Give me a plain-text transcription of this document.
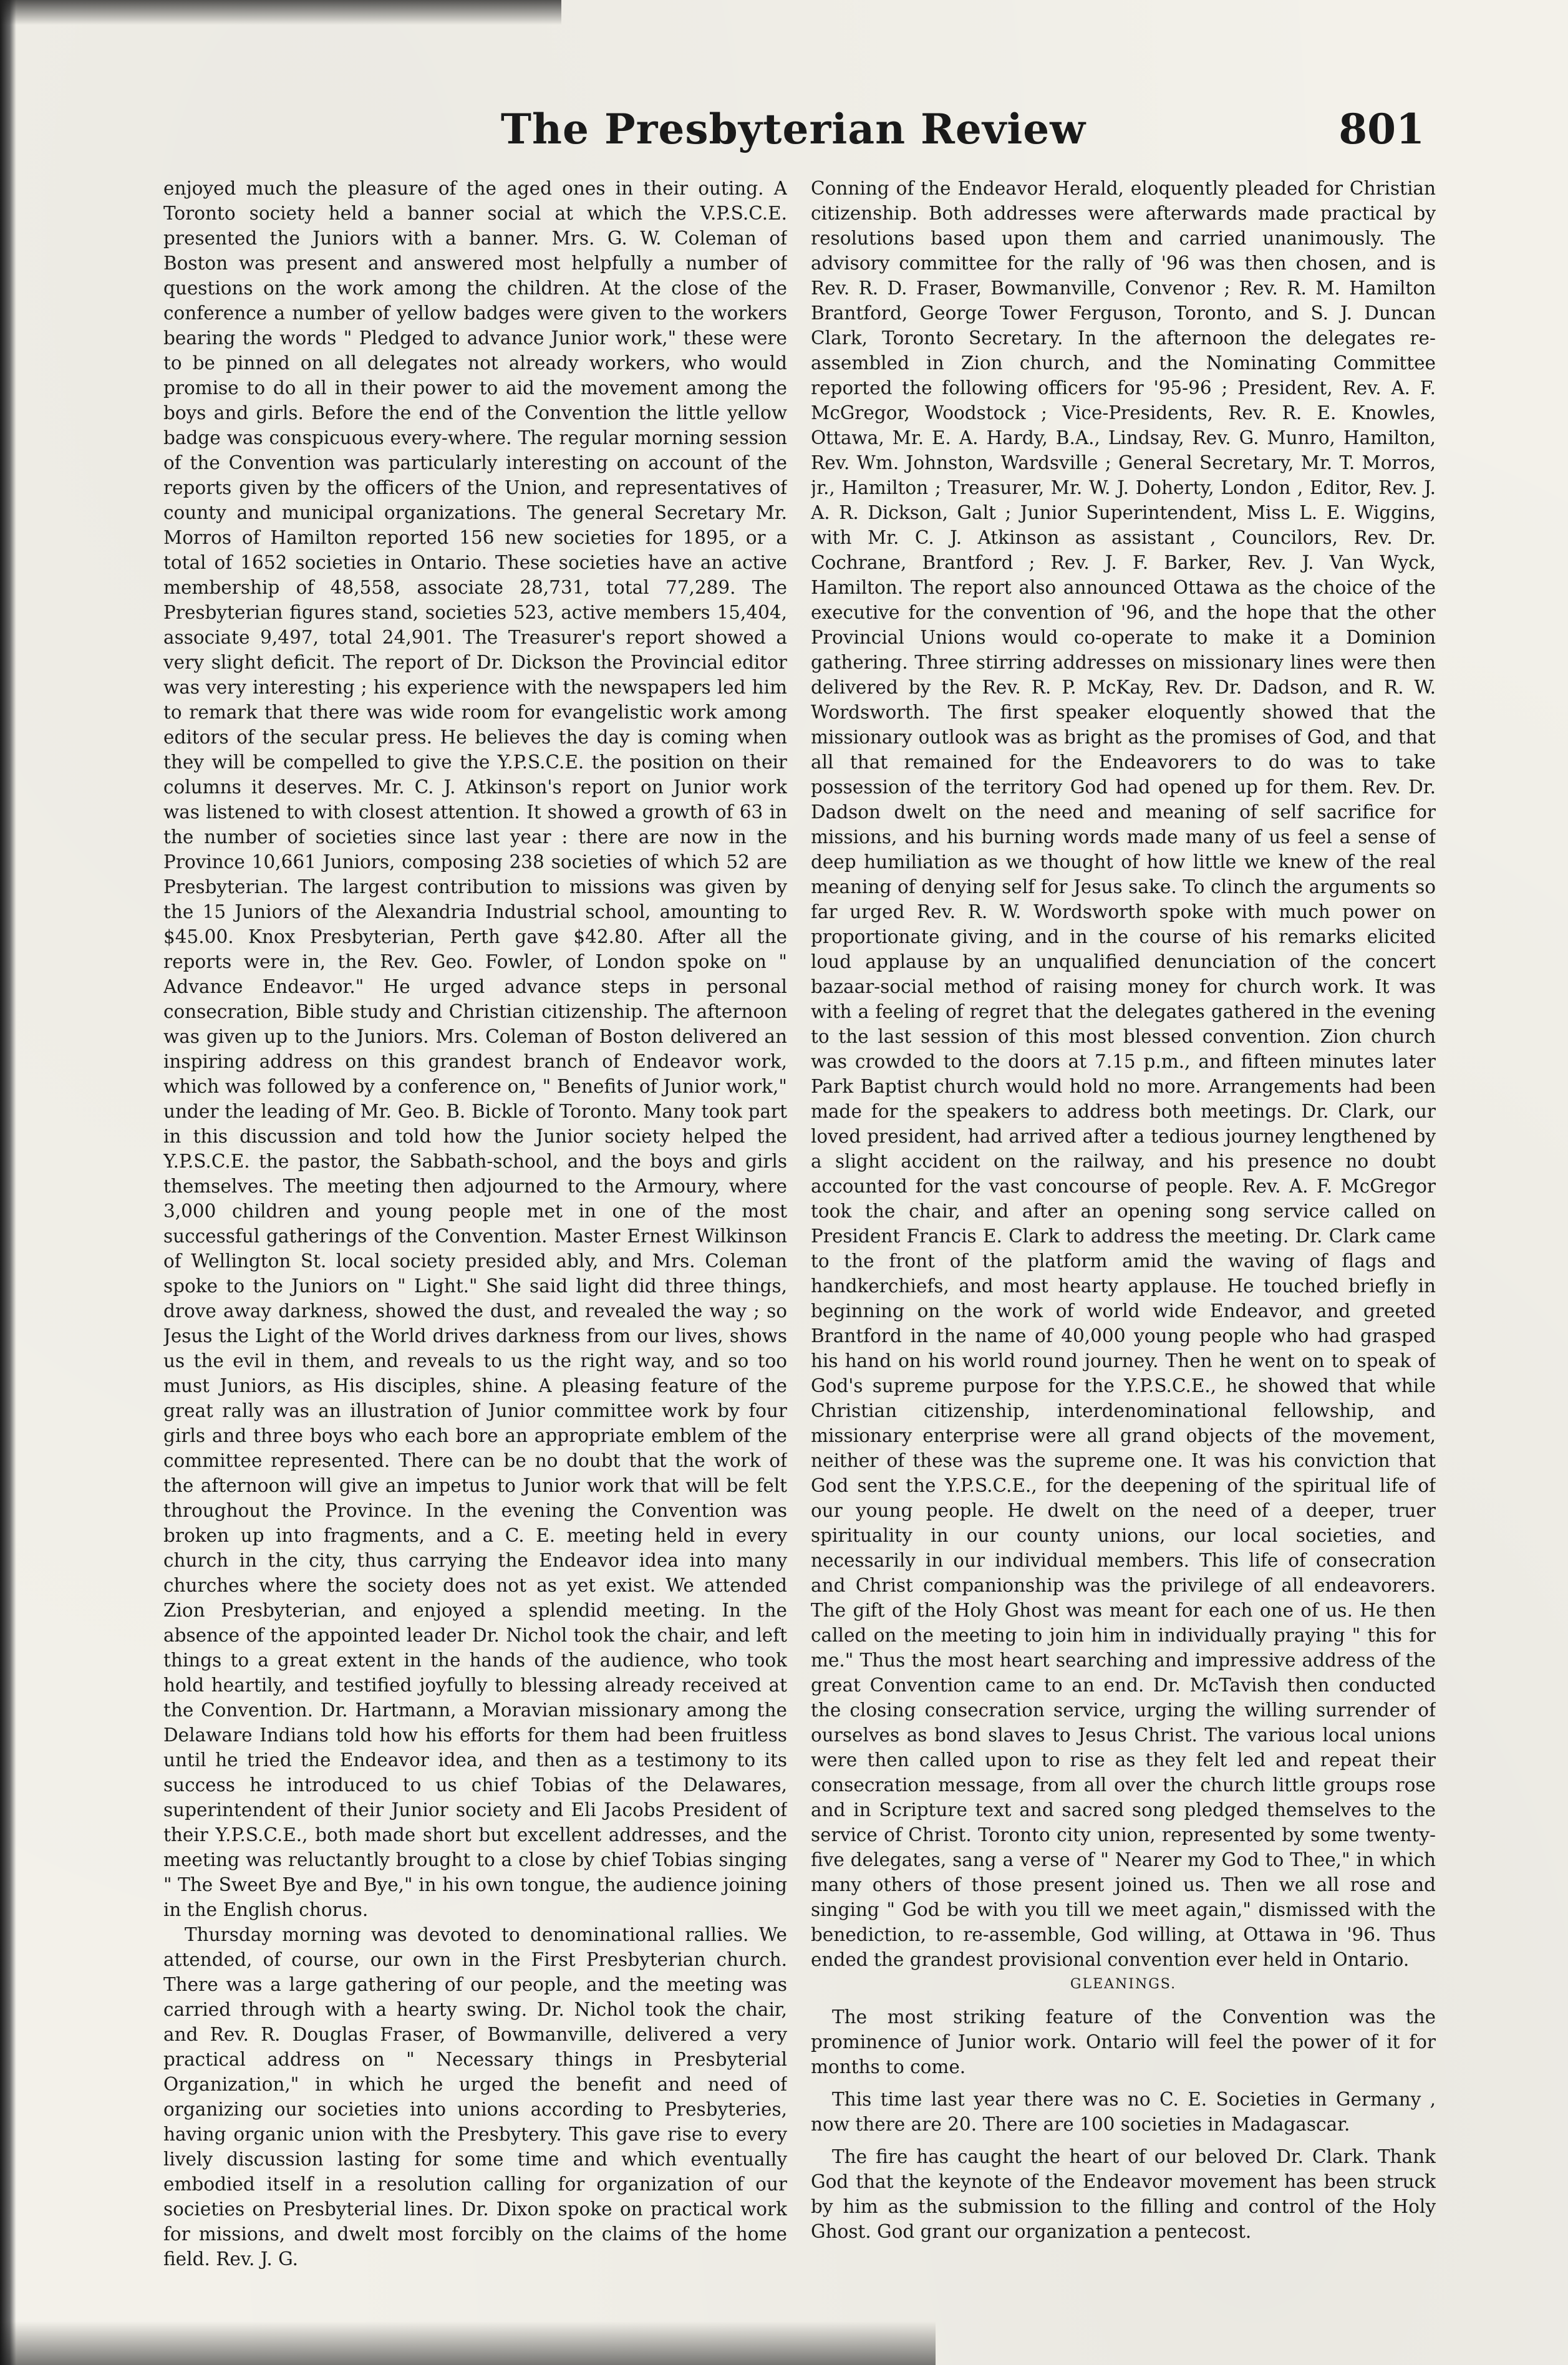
The Presbyterian Review	801

enjoyed much the pleasure of the aged ones in their outing. A Toronto society held a banner social at which the V.P.S.C.E. presented the Juniors with a banner. Mrs. G. W. Coleman of Boston was present and answered most helpfully a number of questions on the work among the children. At the close of the conference a number of yellow badges were given to the workers bearing the words " Pledged to advance Junior work," these were to be pinned on all delegates not already workers, who would promise to do all in their power to aid the movement among the boys and girls. Before the end of the Convention the little yellow badge was conspicuous every-where. The regular morning session of the Convention was particularly interesting on account of the reports given by the officers of the Union, and representatives of county and municipal organizations. The general Secretary Mr. Morros of Hamilton reported 156 new societies for 1895, or a total of 1652 societies in Ontario. These societies have an active membership of 48,558, associate 28,731, total 77,289. The Presbyterian figures stand, societies 523, active members 15,404, associate 9,497, total 24,901. The Treasurer's report showed a very slight deficit. The report of Dr. Dickson the Provincial editor was very interesting ; his experience with the newspapers led him to remark that there was wide room for evangelistic work among editors of the secular press. He believes the day is coming when they will be compelled to give the Y.P.S.C.E. the position on their columns it deserves. Mr. C. J. Atkinson's report on Junior work was listened to with closest attention. It showed a growth of 63 in the number of societies since last year : there are now in the Province 10,661 Juniors, composing 238 societies of which 52 are Presbyterian. The largest contribution to missions was given by the 15 Juniors of the Alexandria Industrial school, amounting to $45.00. Knox Presbyterian, Perth gave $42.80. After all the reports were in, the Rev. Geo. Fowler, of London spoke on " Advance Endeavor." He urged advance steps in personal consecration, Bible study and Christian citizenship. The afternoon was given up to the Juniors. Mrs. Coleman of Boston delivered an inspiring address on this grandest branch of Endeavor work, which was followed by a conference on, " Benefits of Junior work," under the leading of Mr. Geo. B. Bickle of Toronto. Many took part in this discussion and told how the Junior society helped the Y.P.S.C.E. the pastor, the Sabbath-school, and the boys and girls themselves. The meeting then adjourned to the Armoury, where 3,000 children and young people met in one of the most successful gatherings of the Convention. Master Ernest Wilkinson of Wellington St. local society presided ably, and Mrs. Coleman spoke to the Juniors on " Light." She said light did three things, drove away darkness, showed the dust, and revealed the way ; so Jesus the Light of the World drives darkness from our lives, shows us the evil in them, and reveals to us the right way, and so too must Juniors, as His disciples, shine. A pleasing feature of the great rally was an illustration of Junior committee work by four girls and three boys who each bore an appropriate emblem of the committee represented. There can be no doubt that the work of the afternoon will give an impetus to Junior work that will be felt throughout the Province. In the evening the Convention was broken up into fragments, and a C. E. meeting held in every church in the city, thus carrying the Endeavor idea into many churches where the society does not as yet exist. We attended Zion Presbyterian, and enjoyed a splendid meeting. In the absence of the appointed leader Dr. Nichol took the chair, and left things to a great extent in the hands of the audience, who took hold heartily, and testified joyfully to blessing already received at the Convention. Dr. Hartmann, a Moravian missionary among the Delaware Indians told how his efforts for them had been fruitless until he tried the Endeavor idea, and then as a testimony to its success he introduced to us chief Tobias of the Delawares, superintendent of their Junior society and Eli Jacobs President of their Y.P.S.C.E., both made short but excellent addresses, and the meeting was reluctantly brought to a close by chief Tobias singing " The Sweet Bye and Bye," in his own tongue, the audience joining in the English chorus.

Thursday morning was devoted to denominational rallies. We attended, of course, our own in the First Presbyterian church. There was a large gathering of our people, and the meeting was carried through with a hearty swing. Dr. Nichol took the chair, and Rev. R. Douglas Fraser, of Bowmanville, delivered a very practical address on " Necessary things in Presbyterial Organization," in which he urged the benefit and need of organizing our societies into unions according to Presbyteries, having organic union with the Presbytery. This gave rise to every lively discussion lasting for some time and which eventually embodied itself in a resolution calling for organization of our societies on Presbyterial lines. Dr. Dixon spoke on practical work for missions, and dwelt most forcibly on the claims of the home field. Rev. J. G.

Conning of the Endeavor Herald, eloquently pleaded for Christian citizenship. Both addresses were afterwards made practical by resolutions based upon them and carried unanimously. The advisory committee for the rally of '96 was then chosen, and is Rev. R. D. Fraser, Bowmanville, Convenor ; Rev. R. M. Hamilton Brantford, George Tower Ferguson, Toronto, and S. J. Duncan Clark, Toronto Secretary. In the afternoon the delegates re-assembled in Zion church, and the Nominating Committee reported the following officers for '95-96 ; President, Rev. A. F. McGregor, Woodstock ; Vice-Presidents, Rev. R. E. Knowles, Ottawa, Mr. E. A. Hardy, B.A., Lindsay, Rev. G. Munro, Hamilton, Rev. Wm. Johnston, Wardsville ; General Secretary, Mr. T. Morros, jr., Hamilton ; Treasurer, Mr. W. J. Doherty, London , Editor, Rev. J. A. R. Dickson, Galt ; Junior Superintendent, Miss L. E. Wiggins, with Mr. C. J. Atkinson as assistant , Councilors, Rev. Dr. Cochrane, Brantford ; Rev. J. F. Barker, Rev. J. Van Wyck, Hamilton. The report also announced Ottawa as the choice of the executive for the convention of '96, and the hope that the other Provincial Unions would co-operate to make it a Dominion gathering. Three stirring addresses on missionary lines were then delivered by the Rev. R. P. McKay, Rev. Dr. Dadson, and R. W. Wordsworth. The first speaker eloquently showed that the missionary outlook was as bright as the promises of God, and that all that remained for the Endeavorers to do was to take possession of the territory God had opened up for them. Rev. Dr. Dadson dwelt on the need and meaning of self sacrifice for missions, and his burning words made many of us feel a sense of deep humiliation as we thought of how little we knew of the real meaning of denying self for Jesus sake. To clinch the arguments so far urged Rev. R. W. Wordsworth spoke with much power on proportionate giving, and in the course of his remarks elicited loud applause by an unqualified denunciation of the concert bazaar-social method of raising money for church work. It was with a feeling of regret that the delegates gathered in the evening to the last session of this most blessed convention. Zion church was crowded to the doors at 7.15 p.m., and fifteen minutes later Park Baptist church would hold no more. Arrangements had been made for the speakers to address both meetings. Dr. Clark, our loved president, had arrived after a tedious journey lengthened by a slight accident on the railway, and his presence no doubt accounted for the vast concourse of people. Rev. A. F. McGregor took the chair, and after an opening song service called on President Francis E. Clark to address the meeting. Dr. Clark came to the front of the platform amid the waving of flags and handkerchiefs, and most hearty applause. He touched briefly in beginning on the work of world wide Endeavor, and greeted Brantford in the name of 40,000 young people who had grasped his hand on his world round journey. Then he went on to speak of God's supreme purpose for the Y.P.S.C.E., he showed that while Christian citizenship, interdenominational fellowship, and missionary enterprise were all grand objects of the movement, neither of these was the supreme one. It was his conviction that God sent the Y.P.S.C.E., for the deepening of the spiritual life of our young people. He dwelt on the need of a deeper, truer spirituality in our county unions, our local societies, and necessarily in our individual members. This life of consecration and Christ companionship was the privilege of all endeavorers. The gift of the Holy Ghost was meant for each one of us. He then called on the meeting to join him in individually praying " this for me." Thus the most heart searching and impressive address of the great Convention came to an end. Dr. McTavish then conducted the closing consecration service, urging the willing surrender of ourselves as bond slaves to Jesus Christ. The various local unions were then called upon to rise as they felt led and repeat their consecration message, from all over the church little groups rose and in Scripture text and sacred song pledged themselves to the service of Christ. Toronto city union, represented by some twenty-five delegates, sang a verse of " Nearer my God to Thee," in which many others of those present joined us. Then we all rose and singing " God be with you till we meet again," dismissed with the benediction, to re-assemble, God willing, at Ottawa in '96. Thus ended the grandest provisional convention ever held in Ontario.

GLEANINGS.

The most striking feature of the Convention was the prominence of Junior work. Ontario will feel the power of it for months to come.

This time last year there was no C. E. Societies in Germany , now there are 20. There are 100 societies in Madagascar.

The fire has caught the heart of our beloved Dr. Clark. Thank God that the keynote of the Endeavor movement has been struck by him as the submission to the filling and control of the Holy Ghost. God grant our organization a pentecost.
